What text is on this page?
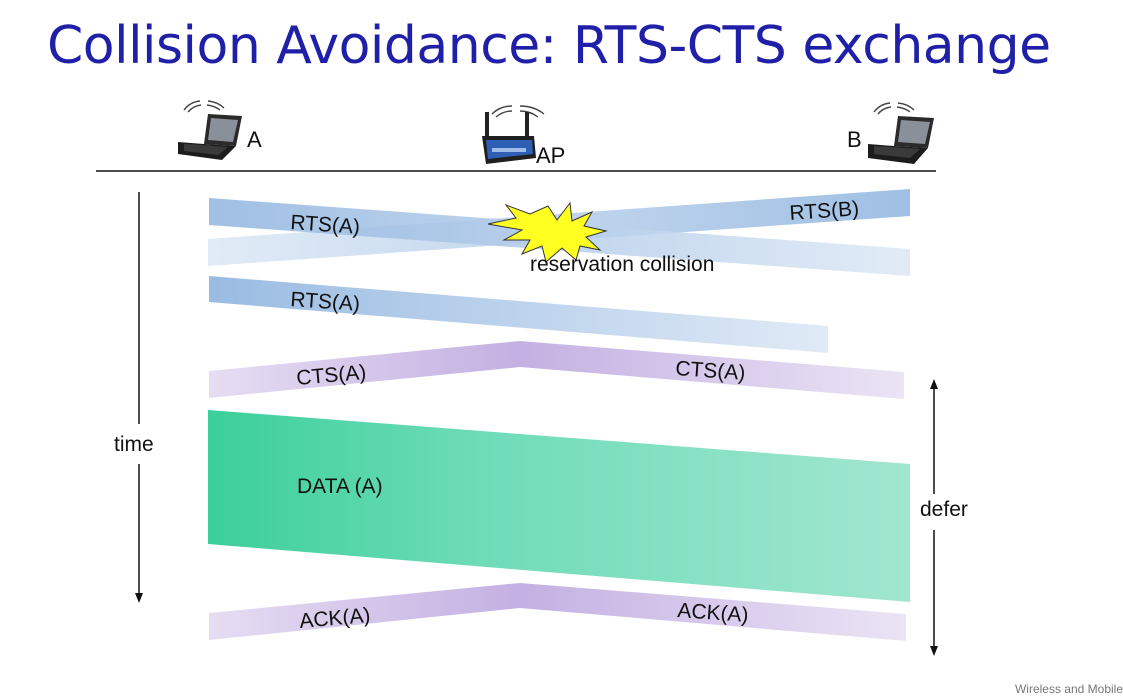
Collision Avoidance: RTS-CTS exchange
A
AP
B
time
defer
RTS(A)	RTS(B)
reservation collision
RTS(A)
CTS(A)	CTS(A)
DATA (A)
ACK(A)	ACK(A)
Wireless and Mobile
